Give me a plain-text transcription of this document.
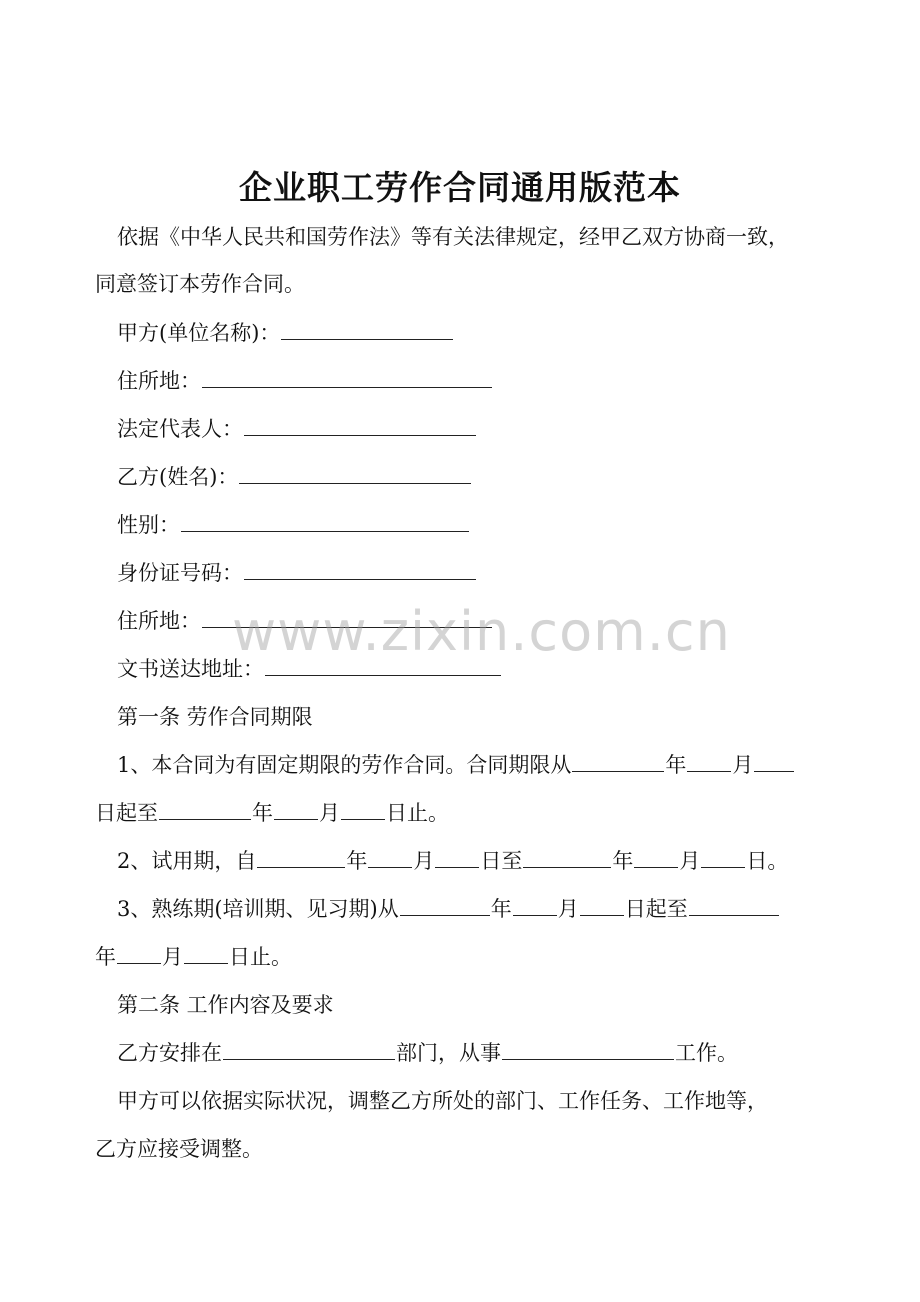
企业职工劳作合同通用版范本
依据《中华人民共和国劳作法》等有关法律规定，经甲乙双方协商一致，
同意签订本劳作合同。
甲方(单位名称)：
住所地：
法定代表人：
乙方(姓名)：
性别：
身份证号码：
住所地：
文书送达地址：
第一条 劳作合同期限
1、本合同为有固定期限的劳作合同。合同期限从	年 月
日起至	年 月 日止。
2、试用期，自	年 月 日至	年 月 日。
3、熟练期(培训期、见习期)从	年 月 日起至
年 月 日止。
第二条 工作内容及要求
乙方安排在	部门，从事	工作。
甲方可以依据实际状况，调整乙方所处的部门、工作任务、工作地等，
乙方应接受调整。
www.zixin.com.cn
